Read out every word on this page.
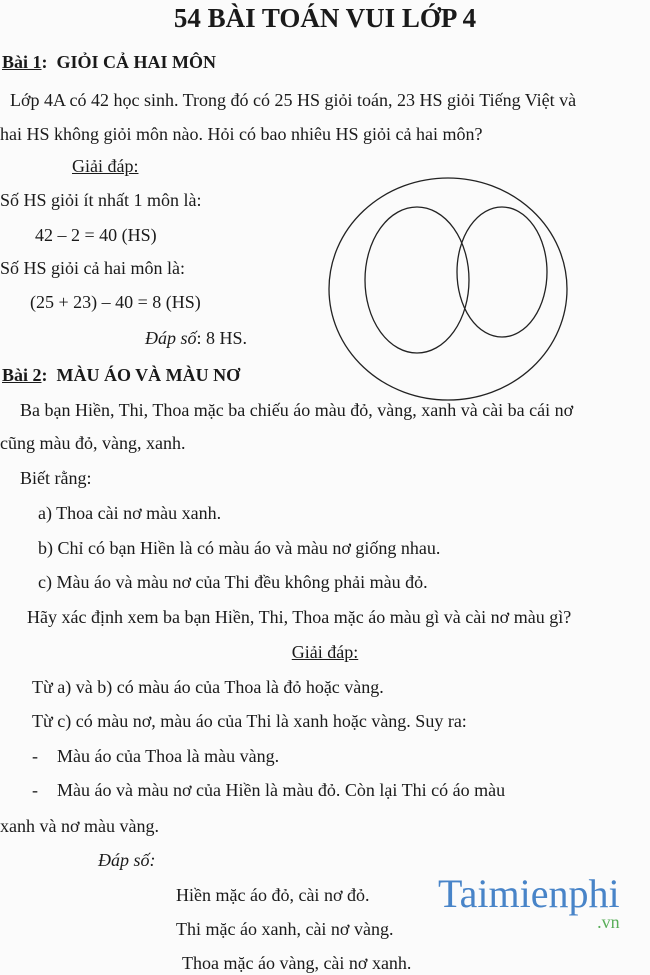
54 BÀI TOÁN VUI LỚP 4
Bài 1:  GIỎI CẢ HAI MÔN
Lớp 4A có 42 học sinh. Trong đó có 25 HS giỏi toán, 23 HS giỏi Tiếng Việt và
hai HS không giỏi môn nào. Hỏi có bao nhiêu HS giỏi cả hai môn?
Giải đáp:
Số HS giỏi ít nhất 1 môn là:
42 – 2 = 40 (HS)
Số HS giỏi cả hai môn là:
(25 + 23) – 40 = 8 (HS)
Đáp số: 8 HS.
Bài 2:  MÀU ÁO VÀ MÀU NƠ
Ba bạn Hiền, Thi, Thoa mặc ba chiếu áo màu đỏ, vàng, xanh và cài ba cái nơ
cũng màu đỏ, vàng, xanh.
Biết rằng:
a) Thoa cài nơ màu xanh.
b) Chỉ có bạn Hiền là có màu áo và màu nơ giống nhau.
c) Màu áo và màu nơ của Thi đều không phải màu đỏ.
Hãy xác định xem ba bạn Hiền, Thi, Thoa mặc áo màu gì và cài nơ màu gì?
Giải đáp:
Từ a) và b) có màu áo của Thoa là đỏ hoặc vàng.
Từ c) có màu nơ, màu áo của Thi là xanh hoặc vàng. Suy ra:
- Màu áo của Thoa là màu vàng.
- Màu áo và màu nơ của Hiền là màu đỏ. Còn lại Thi có áo màu
xanh và nơ màu vàng.
Đáp số:
Hiền mặc áo đỏ, cài nơ đỏ.
Thi mặc áo xanh, cài nơ vàng.
Thoa mặc áo vàng, cài nơ xanh.
Taimienphi
.vn
